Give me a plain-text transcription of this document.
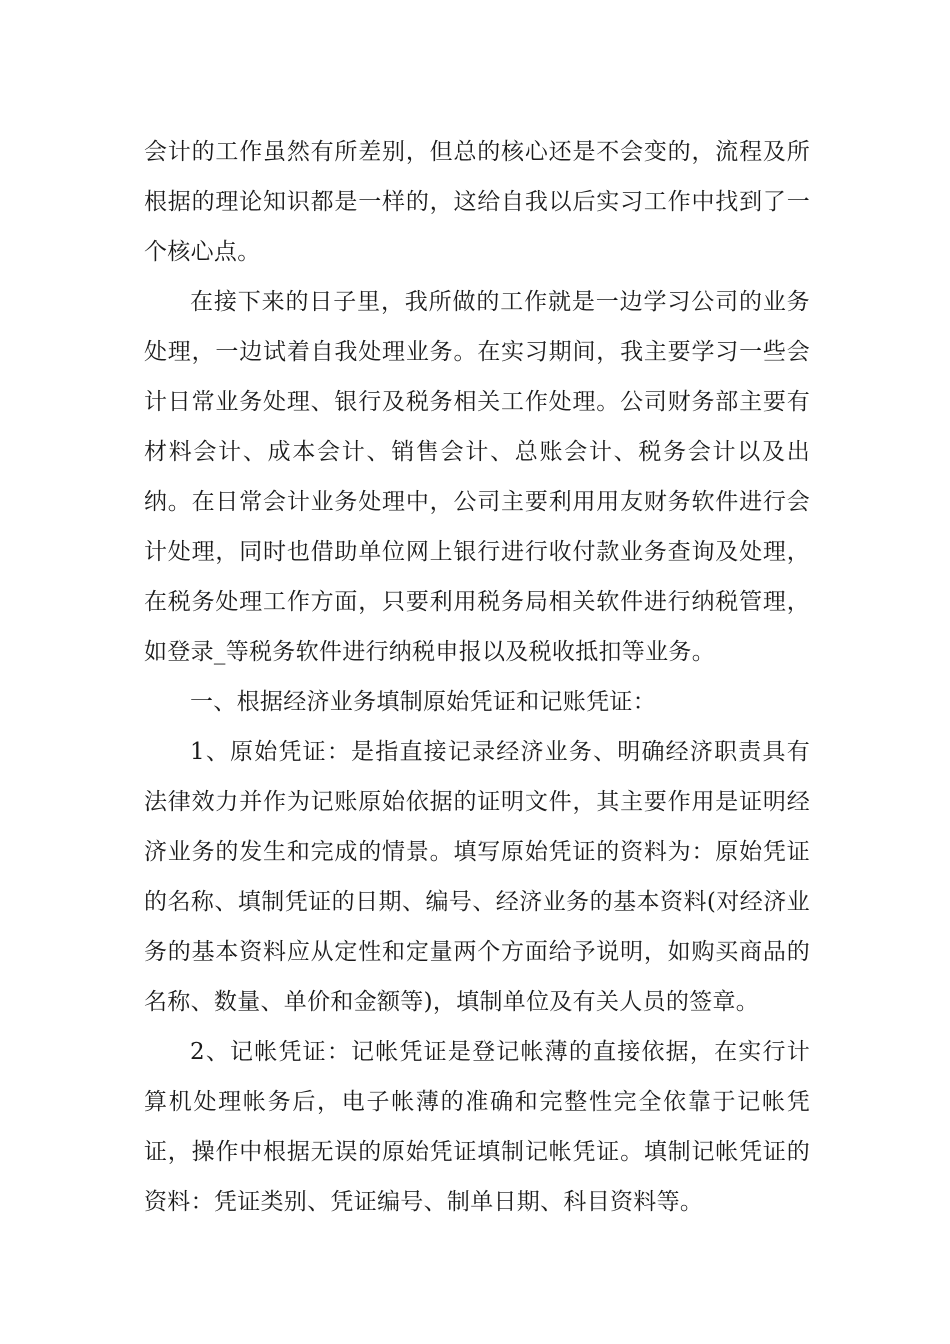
会计的工作虽然有所差别，但总的核心还是不会变的，流程及所根据的理论知识都是一样的，这给自我以后实习工作中找到了一个核心点。

在接下来的日子里，我所做的工作就是一边学习公司的业务处理，一边试着自我处理业务。在实习期间，我主要学习一些会计日常业务处理、银行及税务相关工作处理。公司财务部主要有材料会计、成本会计、销售会计、总账会计、税务会计以及出纳。在日常会计业务处理中，公司主要利用用友财务软件进行会计处理，同时也借助单位网上银行进行收付款业务查询及处理，在税务处理工作方面，只要利用税务局相关软件进行纳税管理，如登录_等税务软件进行纳税申报以及税收抵扣等业务。

一、根据经济业务填制原始凭证和记账凭证：

1、原始凭证：是指直接记录经济业务、明确经济职责具有法律效力并作为记账原始依据的证明文件，其主要作用是证明经济业务的发生和完成的情景。填写原始凭证的资料为：原始凭证的名称、填制凭证的日期、编号、经济业务的基本资料(对经济业务的基本资料应从定性和定量两个方面给予说明，如购买商品的名称、数量、单价和金额等)，填制单位及有关人员的签章。

2、记帐凭证：记帐凭证是登记帐薄的直接依据，在实行计算机处理帐务后，电子帐薄的准确和完整性完全依靠于记帐凭证，操作中根据无误的原始凭证填制记帐凭证。填制记帐凭证的资料：凭证类别、凭证编号、制单日期、科目资料等。
